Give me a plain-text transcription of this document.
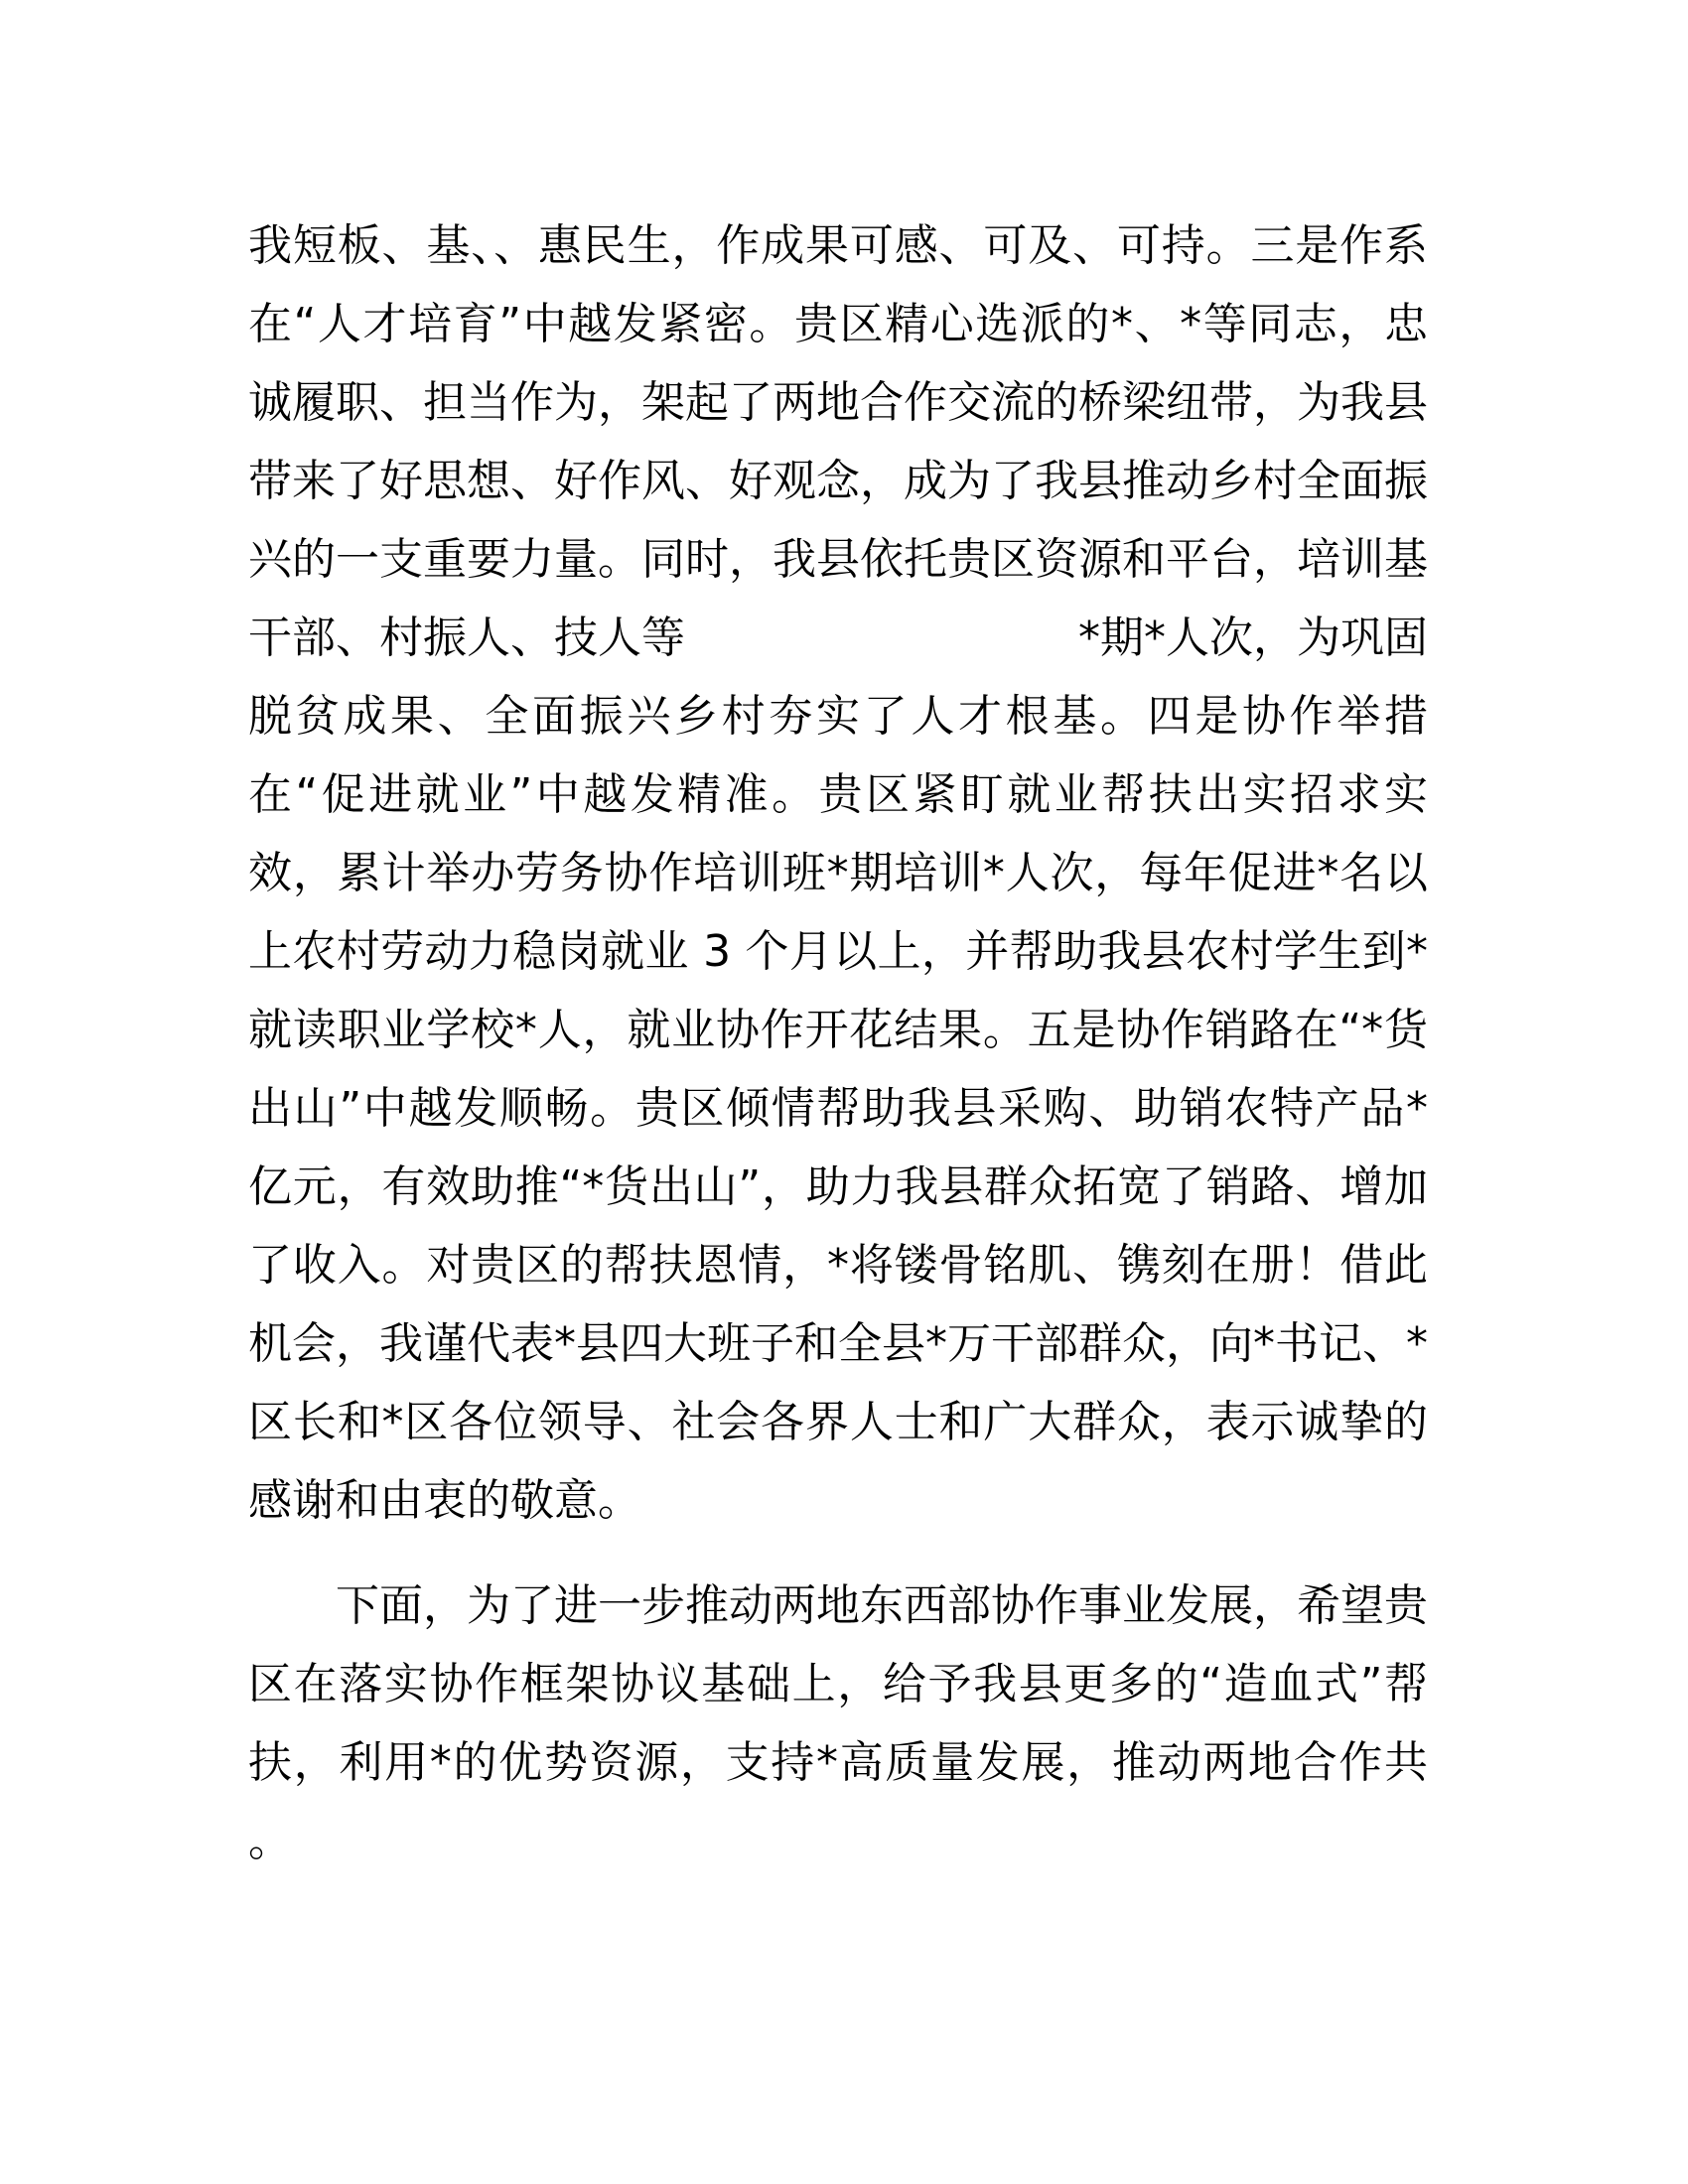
我短板、基、、惠民生，作成果可感、可及、可持。三是作系
在“人才培育”中越发紧密。贵区精心选派的*、*等同志，忠
诚履职、担当作为，架起了两地合作交流的桥梁纽带，为我县
带来了好思想、好作风、好观念，成为了我县推动乡村全面振
兴的一支重要力量。同时，我县依托贵区资源和平台，培训基
干部、村振人、技人等	*期*人次，为巩固
脱贫成果、全面振兴乡村夯实了人才根基。四是协作举措
在“促进就业”中越发精准。贵区紧盯就业帮扶出实招求实
效，累计举办劳务协作培训班*期培训*人次，每年促进*名以
上农村劳动力稳岗就业 3 个月以上，并帮助我县农村学生到*
就读职业学校*人，就业协作开花结果。五是协作销路在“*货
出山”中越发顺畅。贵区倾情帮助我县采购、助销农特产品*
亿元，有效助推“*货出山”，助力我县群众拓宽了销路、增加
了收入。对贵区的帮扶恩情，*将镂骨铭肌、镌刻在册！借此
机会，我谨代表*县四大班子和全县*万干部群众，向*书记、*
区长和*区各位领导、社会各界人士和广大群众，表示诚挚的
感谢和由衷的敬意。
下面，为了进一步推动两地东西部协作事业发展，希望贵
区在落实协作框架协议基础上，给予我县更多的“造血式”帮
扶，利用*的优势资源，支持*高质量发展，推动两地合作共
。
